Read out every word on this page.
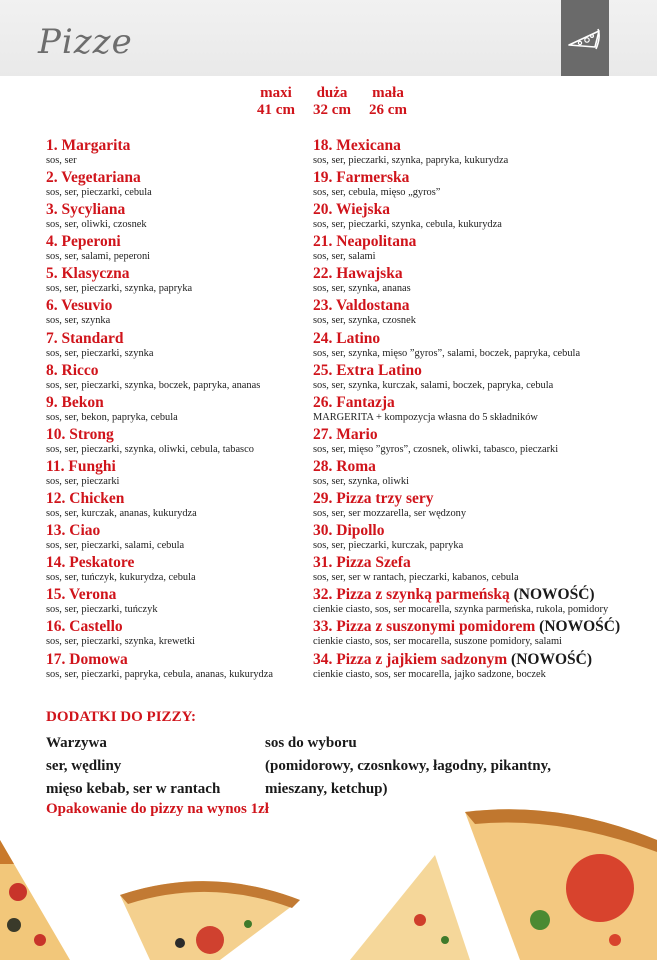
Pizze
maxi
41 cm
duża
32 cm
mała
26 cm
1. Margarita
sos, ser
2. Vegetariana
sos, ser, pieczarki, cebula
3. Sycyliana
sos, ser, oliwki, czosnek
4. Peperoni
sos, ser, salami, peperoni
5. Klasyczna
sos, ser, pieczarki, szynka, papryka
6. Vesuvio
sos, ser, szynka
7. Standard
sos, ser, pieczarki, szynka
8. Ricco
sos, ser, pieczarki, szynka, boczek, papryka, ananas
9. Bekon
sos, ser, bekon, papryka, cebula
10. Strong
sos, ser, pieczarki, szynka, oliwki, cebula, tabasco
11. Funghi
sos, ser, pieczarki
12. Chicken
sos, ser, kurczak, ananas, kukurydza
13. Ciao
sos, ser, pieczarki, salami, cebula
14. Peskatore
sos, ser, tuńczyk, kukurydza, cebula
15. Verona
sos, ser, pieczarki, tuńczyk
16. Castello
sos, ser, pieczarki, szynka, krewetki
17. Domowa
sos, ser, pieczarki, papryka, cebula, ananas, kukurydza
18. Mexicana
sos, ser, pieczarki, szynka, papryka, kukurydza
19. Farmerska
sos, ser, cebula, mięso „gyros”
20. Wiejska
sos, ser, pieczarki, szynka, cebula, kukurydza
21. Neapolitana
sos, ser, salami
22. Hawajska
sos, ser, szynka, ananas
23. Valdostana
sos, ser, szynka, czosnek
24. Latino
sos, ser, szynka, mięso ”gyros”, salami, boczek, papryka, cebula
25. Extra Latino
sos, ser, szynka, kurczak, salami, boczek, papryka, cebula
26. Fantazja
MARGERITA + kompozycja własna do 5 składników
27. Mario
sos, ser, mięso ”gyros”, czosnek, oliwki, tabasco, pieczarki
28. Roma
sos, ser, szynka, oliwki
29. Pizza trzy sery
sos, ser, ser mozzarella, ser wędzony
30. Dipollo
sos, ser, pieczarki, kurczak, papryka
31. Pizza Szefa
sos, ser, ser w rantach, pieczarki, kabanos, cebula
32. Pizza z szynką parmeńską (NOWOŚĆ)
cienkie ciasto, sos, ser mocarella, szynka parmeńska, rukola, pomidory
33. Pizza z suszonymi pomidorem (NOWOŚĆ)
cienkie ciasto, sos, ser mocarella, suszone pomidory, salami
34. Pizza z jajkiem sadzonym (NOWOŚĆ)
cienkie ciasto, sos, ser mocarella, jajko sadzone, boczek
DODATKI DO PIZZY:
Warzywa
ser, wędliny
mięso kebab, ser w rantach
sos do wyboru
(pomidorowy, czosnkowy, łagodny, pikantny,
mieszany, ketchup)
Opakowanie do pizzy na wynos 1zł
